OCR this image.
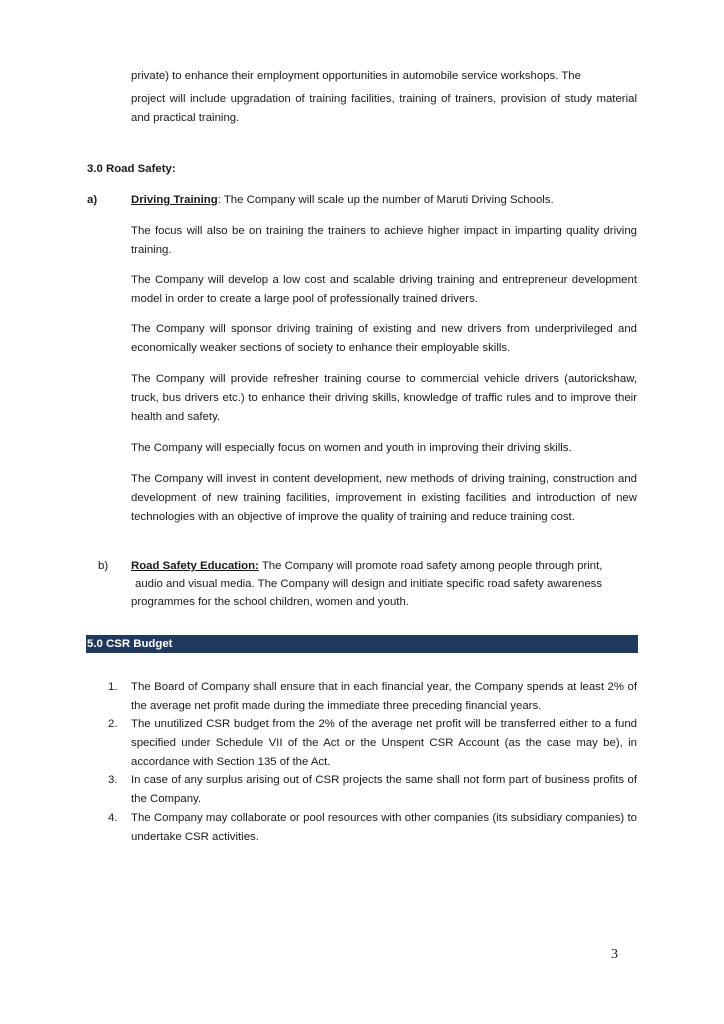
private) to enhance their employment opportunities in automobile service workshops. The

project will include upgradation of training facilities, training of trainers, provision of study material and practical training.

3.0 Road Safety:

a)	Driving Training: The Company will scale up the number of Maruti Driving Schools.

The focus will also be on training the trainers to achieve higher impact in imparting quality driving training.

The Company will develop a low cost and scalable driving training and entrepreneur development model in order to create a large pool of professionally trained drivers.

The Company will sponsor driving training of existing and new drivers from underprivileged and economically weaker sections of society to enhance their employable skills.

The Company will provide refresher training course to commercial vehicle drivers (autorickshaw, truck, bus drivers etc.) to enhance their driving skills, knowledge of traffic rules and to improve their health and safety.

The Company will especially focus on women and youth in improving their driving skills.

The Company will invest in content development, new methods of driving training, construction and development of new training facilities, improvement in existing facilities and introduction of new technologies with an objective of improve the quality of training and reduce training cost.

b) Road Safety Education: The Company will promote road safety among people through print,

audio and visual media. The Company will design and initiate specific road safety awareness

programmes for the school children, women and youth.

5.0 CSR Budget

1. The Board of Company shall ensure that in each financial year, the Company spends at least 2% of the average net profit made during the immediate three preceding financial years.

2. The unutilized CSR budget from the 2% of the average net profit will be transferred either to a fund specified under Schedule VII of the Act or the Unspent CSR Account (as the case may be), in accordance with Section 135 of the Act.

3. In case of any surplus arising out of CSR projects the same shall not form part of business profits of the Company.

4. The Company may collaborate or pool resources with other companies (its subsidiary companies) to undertake CSR activities.

3
